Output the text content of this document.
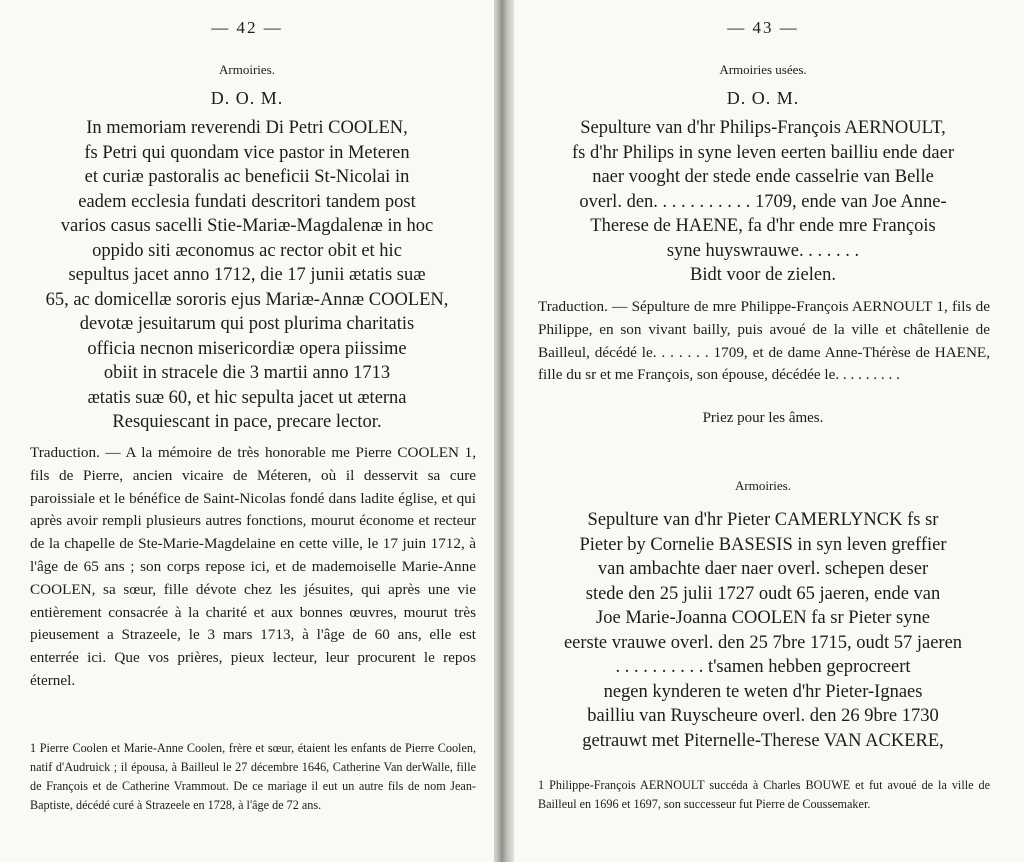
— 42 —
Armoiries.
D. O. M.
In memoriam reverendi Di Petri COOLEN,
fs Petri qui quondam vice pastor in Meteren
et curiæ pastoralis ac beneficii St-Nicolai in
eadem ecclesia fundati descritori tandem post
varios casus sacelli Stie-Mariæ-Magdalenæ in hoc
oppido siti æconomus ac rector obit et hic
sepultus jacet anno 1712, die 17 junii ætatis suæ
65, ac domicellæ sororis ejus Mariæ-Annæ COOLEN,
devotæ jesuitarum qui post plurima charitatis
officia necnon misericordiæ opera piissime
obiit in stracele die 3 martii anno 1713
ætatis suæ 60, et hic sepulta jacet ut æterna
Resquiescant in pace, precare lector.

Traduction. — A la mémoire de très honorable me Pierre COOLEN 1, fils de Pierre, ancien vicaire de Méteren, où il desservit sa cure paroissiale et le bénéfice de Saint-Nicolas fondé dans ladite église, et qui après avoir rempli plusieurs autres fonctions, mourut économe et recteur de la chapelle de Ste-Marie-Magdelaine en cette ville, le 17 juin 1712, à l'âge de 65 ans ; son corps repose ici, et de mademoiselle Marie-Anne COOLEN, sa sœur, fille dévote chez les jésuites, qui après une vie entièrement consacrée à la charité et aux bonnes œuvres, mourut très pieusement a Strazeele, le 3 mars 1713, à l'âge de 60 ans, elle est enterrée ici. Que vos prières, pieux lecteur, leur procurent le repos éternel.

1 Pierre Coolen et Marie-Anne Coolen, frère et sœur, étaient les enfants de Pierre Coolen, natif d'Audruick ; il épousa, à Bailleul le 27 décembre 1646, Catherine Van derWalle, fille de François et de Catherine Vrammout. De ce mariage il eut un autre fils de nom Jean-Baptiste, décédé curé à Strazeele en 1728, à l'âge de 72 ans.

— 43 —
Armoiries usées.
D. O. M.
Sepulture van d'hr Philips-François AERNOULT,
fs d'hr Philips in syne leven eerten bailliu ende daer
naer vooght der stede ende casselrie van Belle
overl. den. . . . . . . . . . . 1709, ende van Joe Anne-
Therese de HAENE, fa d'hr ende mre François
syne huyswrauwe. . . . . . .
Bidt voor de zielen.

Traduction. — Sépulture de mre Philippe-François AERNOULT 1, fils de Philippe, en son vivant bailly, puis avoué de la ville et châtellenie de Bailleul, décédé le. . . . . . . 1709, et de dame Anne-Thérèse de HAENE, fille du sr et me François, son épouse, décédée le. . . . . . . . .

Priez pour les âmes.
Armoiries.
Sepulture van d'hr Pieter CAMERLYNCK fs sr
Pieter by Cornelie BASESIS in syn leven greffier
van ambachte daer naer overl. schepen deser
stede den 25 julii 1727 oudt 65 jaeren, ende van
Joe Marie-Joanna COOLEN fa sr Pieter syne
eerste vrauwe overl. den 25 7bre 1715, oudt 57 jaeren
. . . . . . . . . . t'samen hebben geprocreert
negen kynderen te weten d'hr Pieter-Ignaes
bailliu van Ruyscheure overl. den 26 9bre 1730
getrauwt met Piternelle-Therese VAN ACKERE,

1 Philippe-François AERNOULT succéda à Charles BOUWE et fut avoué de la ville de Bailleul en 1696 et 1697, son successeur fut Pierre de Coussemaker.
